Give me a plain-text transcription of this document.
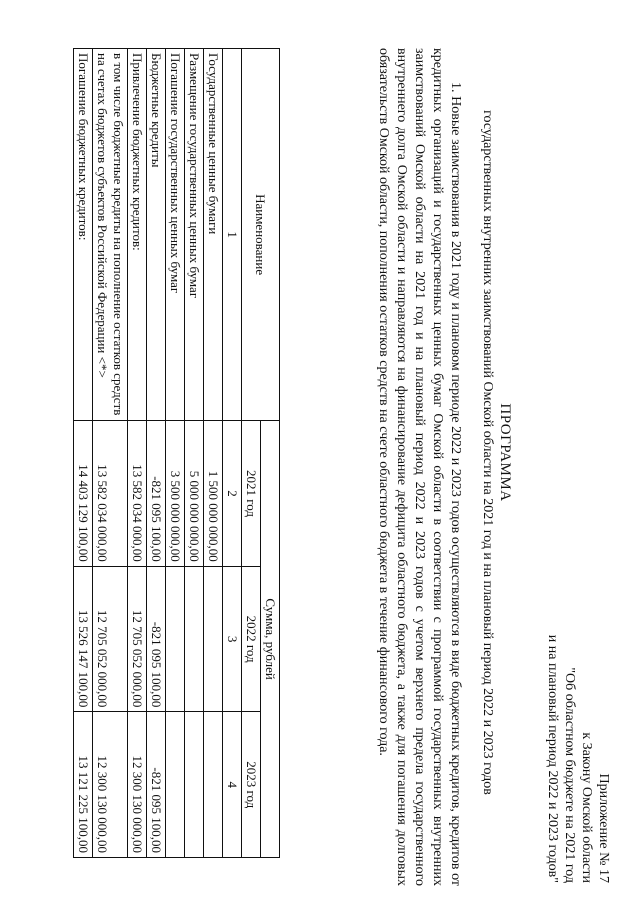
Приложение № 17
к Закону Омской области
"Об областном бюджете на 2021 год
и на плановый период 2022 и 2023 годов"
ПРОГРАММА
государственных внутренних заимствований Омской области на 2021 год и на плановый период 2022 и 2023 годов
1. Новые заимствования в 2021 году и плановом периоде 2022 и 2023 годов осуществляются в виде бюджетных кредитов, кредитов от кредитных организаций и государственных ценных бумаг Омской области в соответствии с программой государственных внутренних заимствований Омской области на 2021 год и на плановый период 2022 и 2023 годов с учетом верхнего предела государственного внутреннего долга Омской области и направляются на финансирование дефицита областного бюджета, а также для погашения долговых обязательств Омской области, пополнения остатков средств на счете областного бюджета в течение финансового года.
Наименование	Сумма, рублей		
	2021 год	2022 год	2023 год
1	2	3	4
Государственные ценные бумаги	1 500 000 000,00		
Размещение государственных ценных бумаг	5 000 000 000,00		
Погашение государственных ценных бумаг	3 500 000 000,00		
Бюджетные кредиты	-821 095 100,00	-821 095 100,00	-821 095 100,00
Привлечение бюджетных кредитов:	13 582 034 000,00	12 705 052 000,00	12 300 130 000,00
в том числе бюджетные кредиты на пополнение остатков средств на счетах бюджетов субъектов Российской Федерации <*>	13 582 034 000,00	12 705 052 000,00	12 300 130 000,00
Погашение бюджетных кредитов:	14 403 129 100,00	13 526 147 100,00	13 121 225 100,00
